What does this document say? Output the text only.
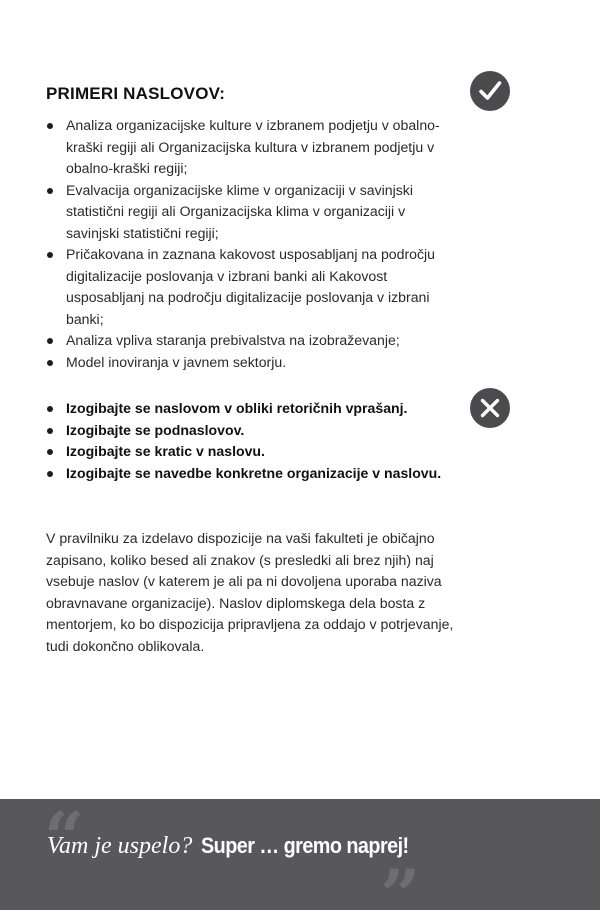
PRIMERI NASLOVOV:
Analiza organizacijske kulture v izbranem podjetju v obalno-kraški regiji ali Organizacijska kultura v izbranem podjetju v obalno-kraški regiji;
Evalvacija organizacijske klime v organizaciji v savinjski statistični regiji ali Organizacijska klima v organizaciji v savinjski statistični regiji;
Pričakovana in zaznana kakovost usposabljanj na področju digitalizacije poslovanja v izbrani banki ali Kakovost usposabljanj na področju digitalizacije poslovanja v izbrani banki;
Analiza vpliva staranja prebivalstva na izobraževanje;
Model inoviranja v javnem sektorju.
Izogibajte se naslovom v obliki retoričnih vprašanj.
Izogibajte se podnaslovov.
Izogibajte se kratic v naslovu.
Izogibajte se navedbe konkretne organizacije v naslovu.

V pravilniku za izdelavo dispozicije na vaši fakulteti je običajno zapisano, koliko besed ali znakov (s presledki ali brez njih) naj vsebuje naslov (v katerem je ali pa ni dovoljena uporaba naziva obravnavane organizacije). Naslov diplomskega dela bosta z mentorjem, ko bo dispozicija pripravljena za oddajo v potrjevanje, tudi dokončno oblikovala.

“
”
Vam je uspelo? Super … gremo naprej!
